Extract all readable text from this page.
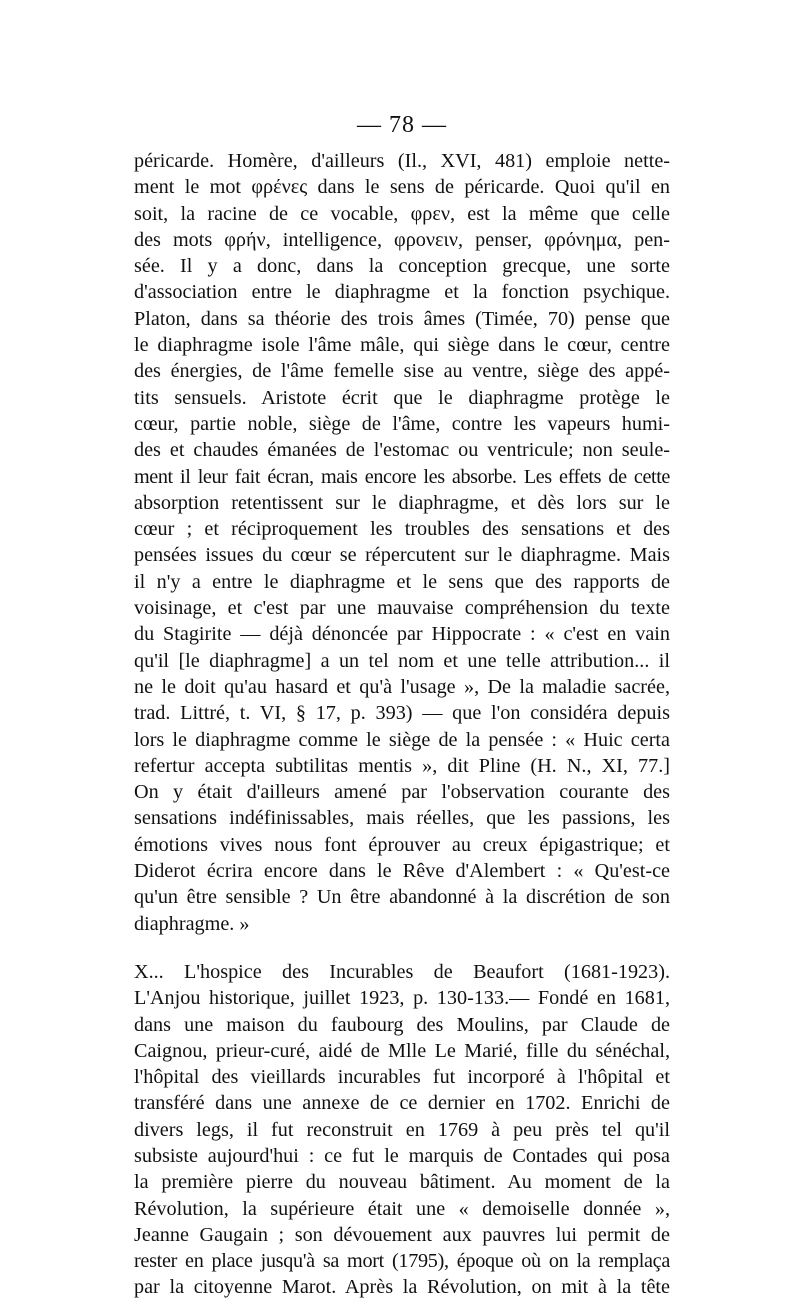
— 78 —
péricarde. Homère, d'ailleurs (Il., XVI, 481) emploie nette-
ment le mot φρένες dans le sens de péricarde. Quoi qu'il en
soit, la racine de ce vocable, φρεν, est la même que celle
des mots φρήν, intelligence, φρονειν, penser, φρόνημα, pen-
sée. Il y a donc, dans la conception grecque, une sorte
d'association entre le diaphragme et la fonction psychique.
Platon, dans sa théorie des trois âmes (Timée, 70) pense que
le diaphragme isole l'âme mâle, qui siège dans le cœur, centre
des énergies, de l'âme femelle sise au ventre, siège des appé-
tits sensuels. Aristote écrit que le diaphragme protège le
cœur, partie noble, siège de l'âme, contre les vapeurs humi-
des et chaudes émanées de l'estomac ou ventricule; non seule-
ment il leur fait écran, mais encore les absorbe. Les effets de cette
absorption retentissent sur le diaphragme, et dès lors sur le
cœur ; et réciproquement les troubles des sensations et des
pensées issues du cœur se répercutent sur le diaphragme. Mais
il n'y a entre le diaphragme et le sens que des rapports de
voisinage, et c'est par une mauvaise compréhension du texte
du Stagirite — déjà dénoncée par Hippocrate : « c'est en vain
qu'il [le diaphragme] a un tel nom et une telle attribution... il
ne le doit qu'au hasard et qu'à l'usage », De la maladie sacrée,
trad. Littré, t. VI, § 17, p. 393) — que l'on considéra depuis
lors le diaphragme comme le siège de la pensée : « Huic certa
refertur accepta subtilitas mentis », dit Pline (H. N., XI, 77.]
On y était d'ailleurs amené par l'observation courante des
sensations indéfinissables, mais réelles, que les passions, les
émotions vives nous font éprouver au creux épigastrique; et
Diderot écrira encore dans le Rêve d'Alembert : « Qu'est-ce
qu'un être sensible ? Un être abandonné à la discrétion de son
diaphragme. »
X... L'hospice des Incurables de Beaufort (1681-1923).
L'Anjou historique, juillet 1923, p. 130-133.— Fondé en 1681,
dans une maison du faubourg des Moulins, par Claude de
Caignou, prieur-curé, aidé de Mlle Le Marié, fille du sénéchal,
l'hôpital des vieillards incurables fut incorporé à l'hôpital et
transféré dans une annexe de ce dernier en 1702. Enrichi de
divers legs, il fut reconstruit en 1769 à peu près tel qu'il
subsiste aujourd'hui : ce fut le marquis de Contades qui posa
la première pierre du nouveau bâtiment. Au moment de la
Révolution, la supérieure était une « demoiselle donnée »,
Jeanne Gaugain ; son dévouement aux pauvres lui permit de
rester en place jusqu'à sa mort (1795), époque où on la remplaça
par la citoyenne Marot. Après la Révolution, on mit à la tête
